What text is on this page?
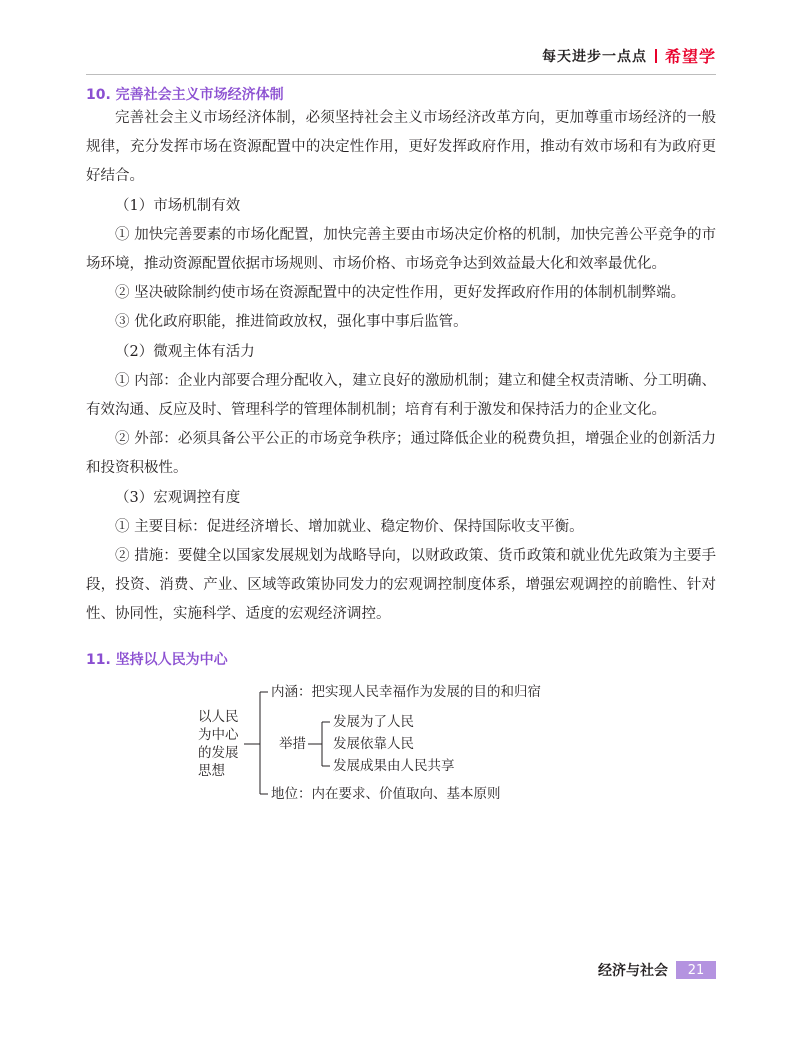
每天进步一点点 希望学
10. 完善社会主义市场经济体制

完善社会主义市场经济体制，必须坚持社会主义市场经济改革方向，更加尊重市场经济的一般规律，充分发挥市场在资源配置中的决定性作用，更好发挥政府作用，推动有效市场和有为政府更好结合。

（1）市场机制有效

① 加快完善要素的市场化配置，加快完善主要由市场决定价格的机制，加快完善公平竞争的市场环境，推动资源配置依据市场规则、市场价格、市场竞争达到效益最大化和效率最优化。

② 坚决破除制约使市场在资源配置中的决定性作用，更好发挥政府作用的体制机制弊端。

③ 优化政府职能，推进简政放权，强化事中事后监管。

（2）微观主体有活力

① 内部：企业内部要合理分配收入，建立良好的激励机制；建立和健全权责清晰、分工明确、有效沟通、反应及时、管理科学的管理体制机制；培育有利于激发和保持活力的企业文化。

② 外部：必须具备公平公正的市场竞争秩序；通过降低企业的税费负担，增强企业的创新活力和投资积极性。

（3）宏观调控有度

① 主要目标：促进经济增长、增加就业、稳定物价、保持国际收支平衡。

② 措施：要健全以国家发展规划为战略导向，以财政政策、货币政策和就业优先政策为主要手段，投资、消费、产业、区域等政策协同发力的宏观调控制度体系，增强宏观调控的前瞻性、针对性、协同性，实施科学、适度的宏观经济调控。

11. 坚持以人民为中心
以人民
为中心
的发展
思想
内涵：把实现人民幸福作为发展的目的和归宿
举措
发展为了人民
发展依靠人民
发展成果由人民共享
地位：内在要求、价值取向、基本原则
经济与社会	21
